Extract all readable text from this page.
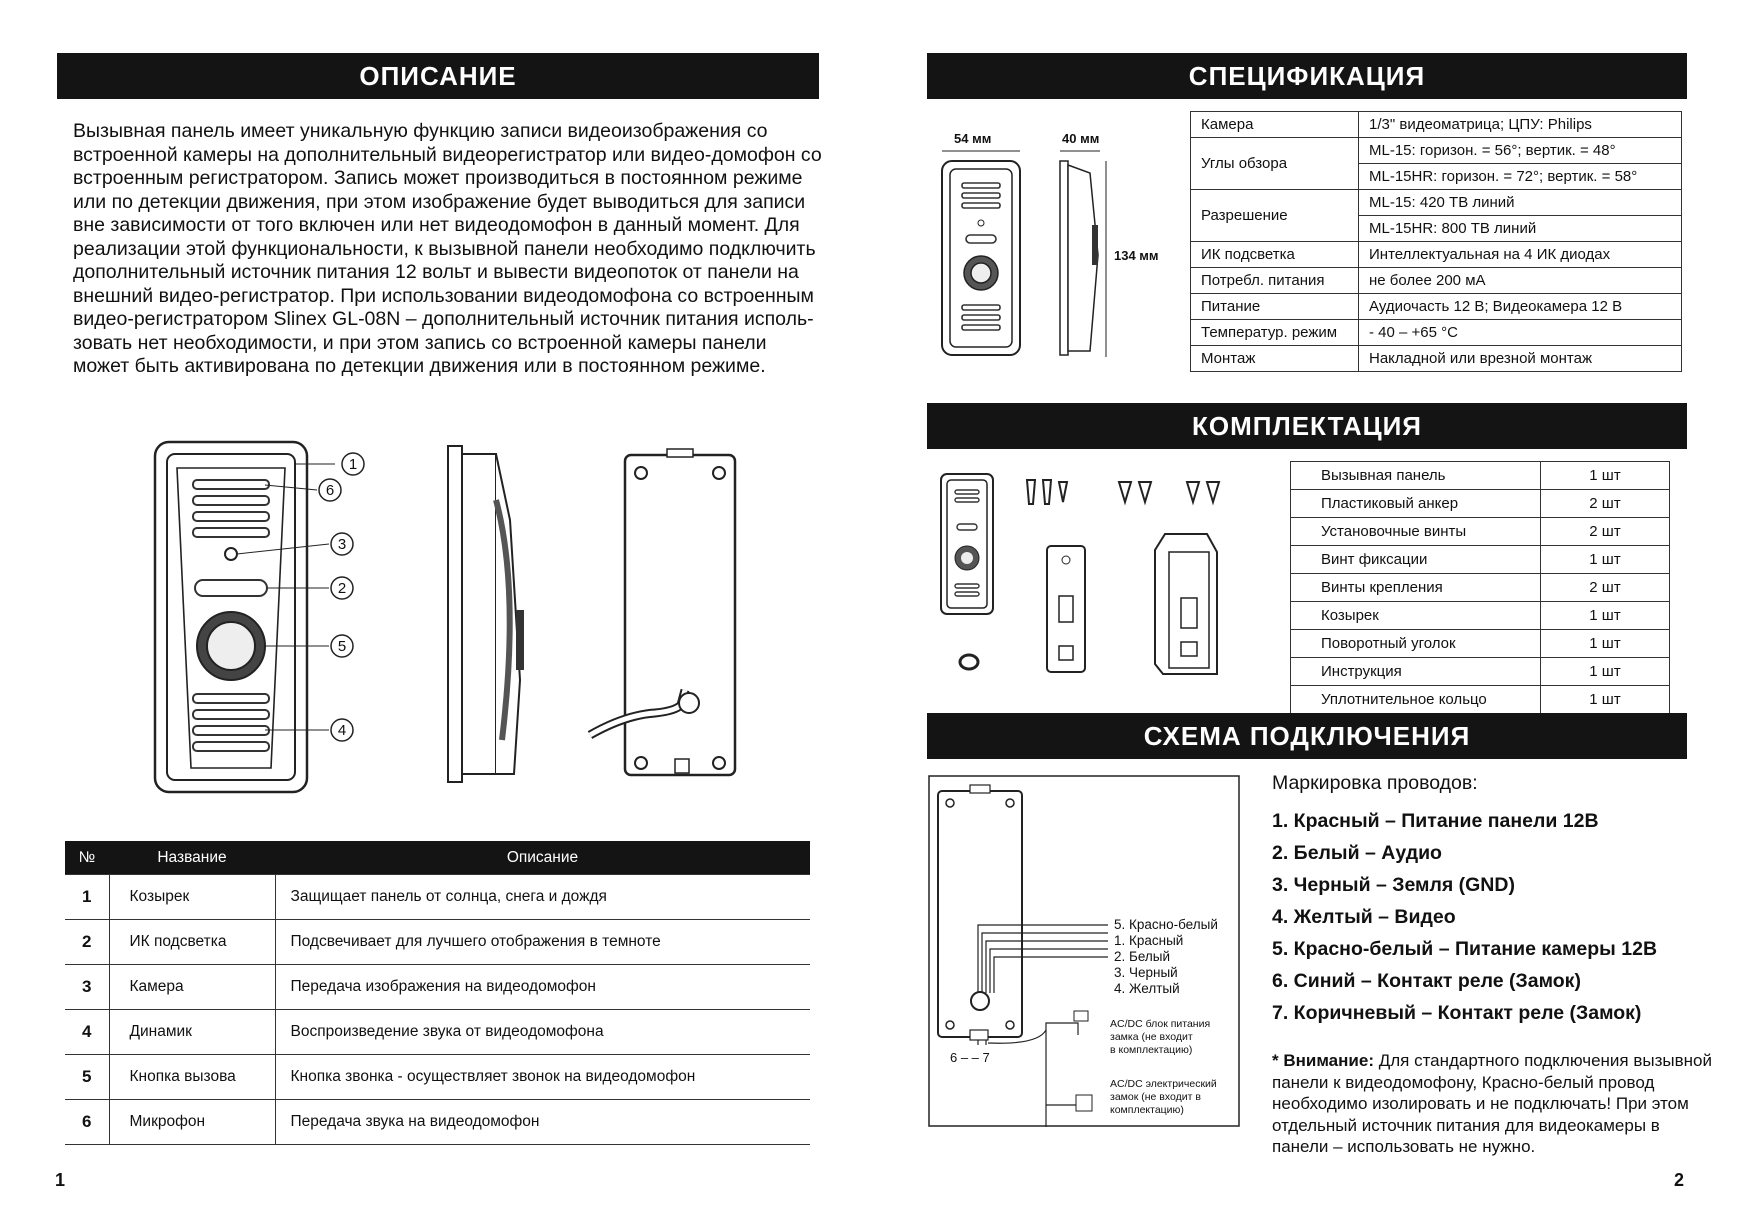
ОПИСАНИЕ

Вызывная панель имеет уникальную функцию записи видеоизображения со встроенной камеры на дополнительный видеорегистратор или видео-домофон со встроенным регистратором. Запись может производиться в постоянном режиме или по детекции движения, при этом изображение будет выводиться для записи вне зависимости от того включен или нет видеодомофон в данный момент. Для реализации этой функциональности, к вызывной панели необходимо подключить дополнительный источник питания 12 вольт и вывести видеопоток от панели на внешний видео-регистратор. При использовании видеодомофона со встроенным видео-регистратором Slinex GL-08N – дополнительный источник питания исполь-зовать нет необходимости, и при этом запись со встроенной камеры панели может быть активирована по детекции движения или в постоянном режиме.

1
6
3
2
5
4
№	Название	Описание
1	Козырек	Защищает панель от солнца, снега и дождя
2	ИК подсветка	Подсвечивает для лучшего отображения в темноте
3	Камера	Передача изображения на видеодомофон
4	Динамик	Воспроизведение звука от видеодомофона
5	Кнопка вызова	Кнопка звонка - осуществляет звонок на видеодомофон
6	Микрофон	Передача звука на видеодомофон
1
СПЕЦИФИКАЦИЯ
54 мм	40 мм
134 мм
Камера	1/3" видеоматрица; ЦПУ: Philips
Углы обзора	ML-15: горизон. = 56°; вертик. = 48°
	ML-15HR: горизон. = 72°; вертик. = 58°
Разрешение	ML-15: 420 ТВ линий
	ML-15HR: 800 ТВ линий
ИК подсветка	Интеллектуальная на 4 ИК диодах
Потребл. питания	не более 200 мА
Питание	Аудиочасть 12 В; Видеокамера 12 В
Температур. режим	- 40 – +65 °С
Монтаж	Накладной или врезной монтаж
КОМПЛЕКТАЦИЯ
Вызывная панель	1 шт
Пластиковый анкер	2 шт
Установочные винты	2 шт
Винт фиксации	1 шт
Винты крепления	2 шт
Козырек	1 шт
Поворотный уголок	1 шт
Инструкция	1 шт
Уплотнительное кольцо	1 шт
СХЕМА ПОДКЛЮЧЕНИЯ
5. Красно-белый
1. Красный
2. Белый
3. Черный
4. Желтый
AC/DC блок питания
замка (не входит
в комплектацию)
AC/DC электрический
замок (не входит в
комплектацию)
6 – – 7
Маркировка проводов:
1. Красный – Питание панели 12В
2. Белый – Аудио
3. Черный – Земля (GND)
4. Желтый – Видео
5. Красно-белый – Питание камеры 12В
6. Синий – Контакт реле (Замок)
7. Коричневый – Контакт реле (Замок)
* Внимание: Для стандартного подключения вызывной панели к видеодомофону, Красно-белый провод необходимо изолировать и не подключать! При этом отдельный источник питания для видеокамеры в панели – использовать не нужно.
2
